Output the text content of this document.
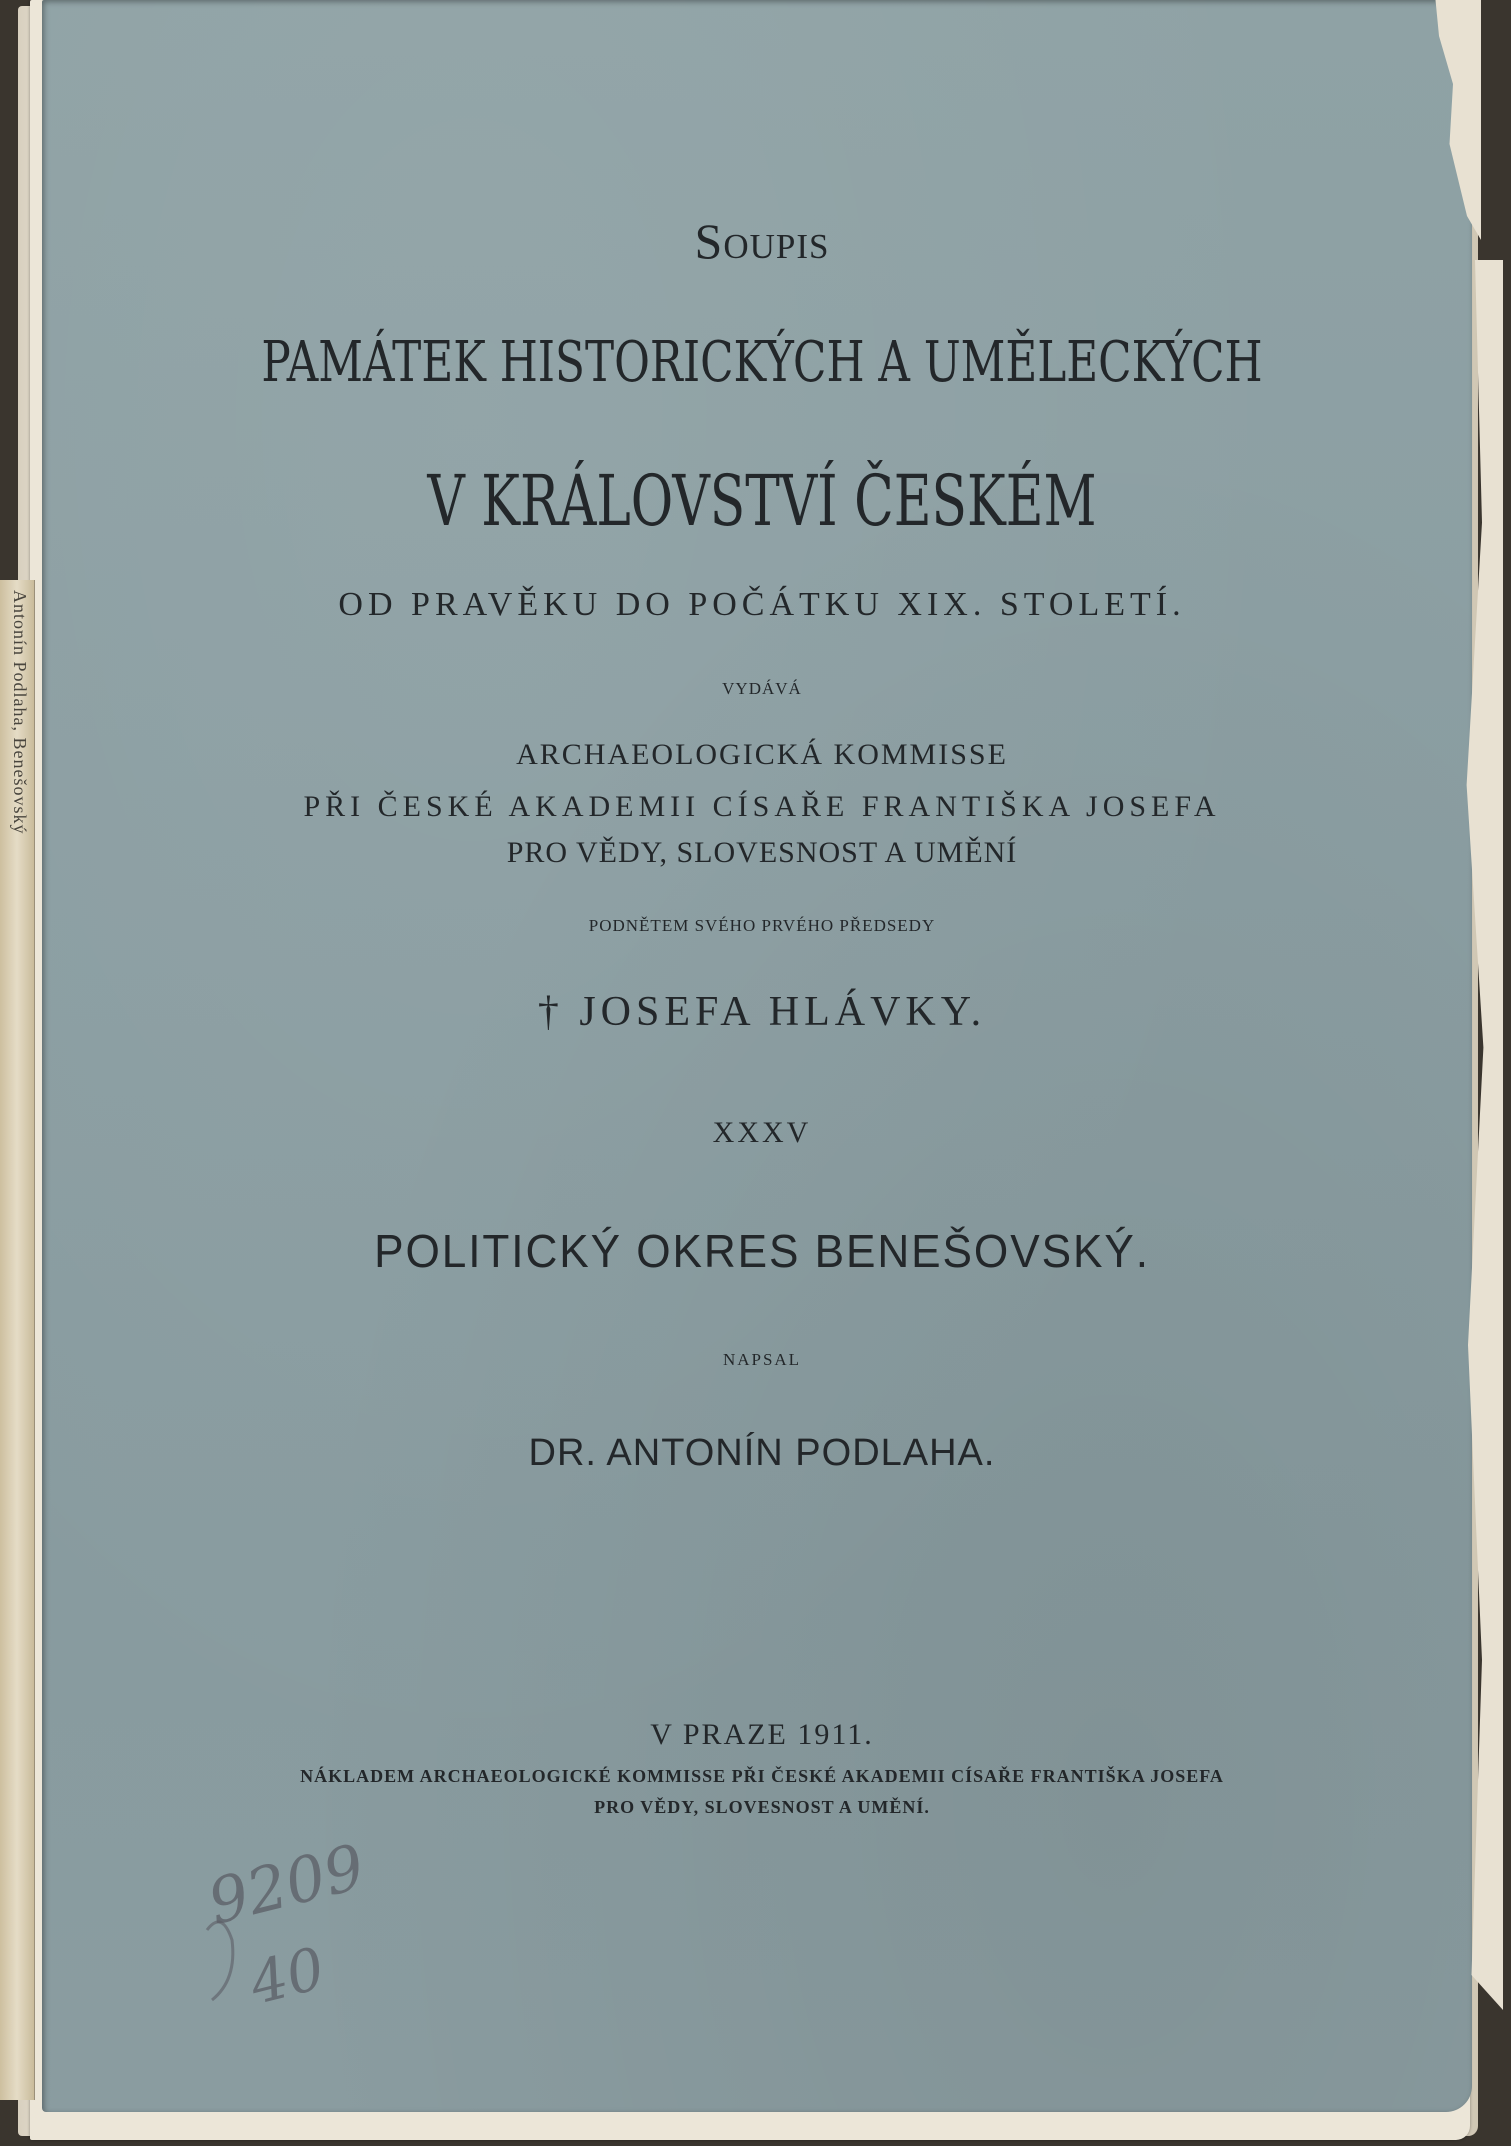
Antonín Podlaha, Benešovský
Soupis
PAMÁTEK HISTORICKÝCH A UMĚLECKÝCH
V KRÁLOVSTVÍ ČESKÉM
OD PRAVĚKU DO POČÁTKU XIX. STOLETÍ.
VYDÁVÁ
ARCHAEOLOGICKÁ KOMMISSE
PŘI ČESKÉ AKADEMII CÍSAŘE FRANTIŠKA JOSEFA
PRO VĚDY, SLOVESNOST A UMĚNÍ
PODNĚTEM SVÉHO PRVÉHO PŘEDSEDY
† JOSEFA HLÁVKY.
XXXV
POLITICKÝ OKRES BENEŠOVSKÝ.
NAPSAL
DR. ANTONÍN PODLAHA.
V PRAZE 1911.
NÁKLADEM ARCHAEOLOGICKÉ KOMMISSE PŘI ČESKÉ AKADEMII CÍSAŘE FRANTIŠKA JOSEFA
PRO VĚDY, SLOVESNOST A UMĚNÍ.
9209
40
